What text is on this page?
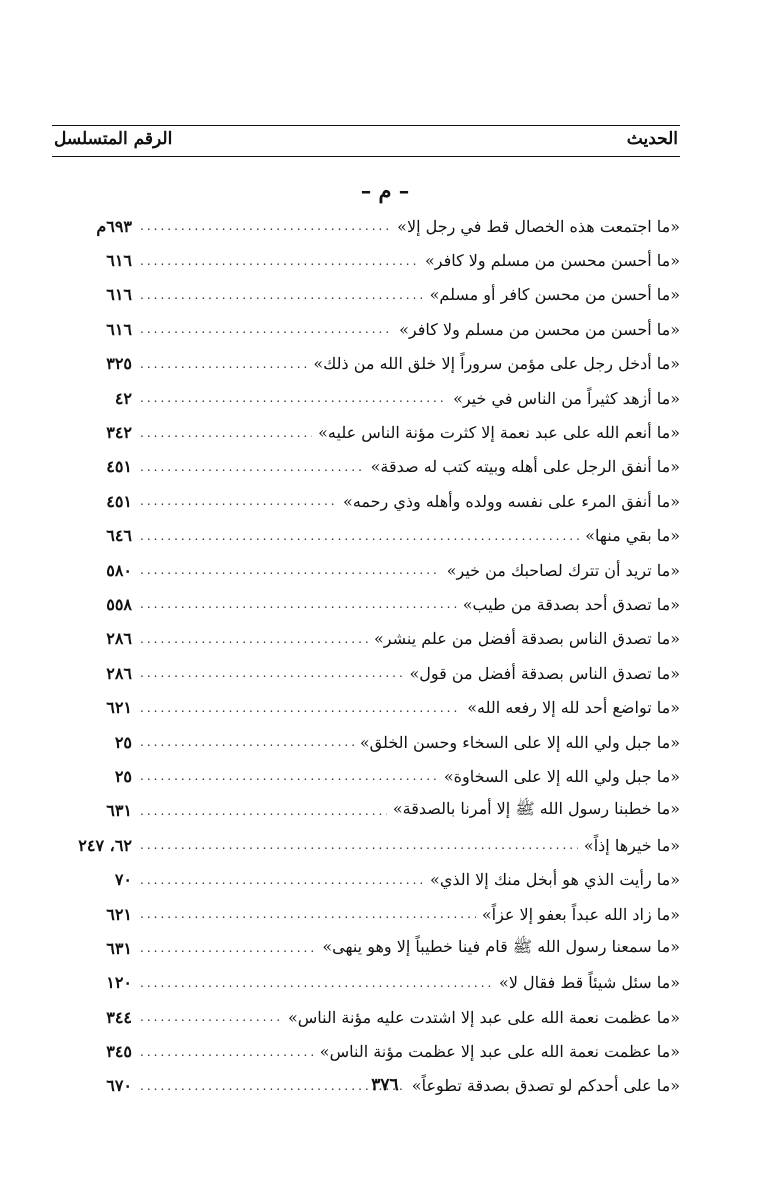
الحديث
الرقم المتسلسل
– م –
«ما اجتمعت هذه الخصال قط في رجل إلا»
.....
٦٩٣م
«ما أحسن محسن من مسلم ولا كافر»
.....
٦١٦
«ما أحسن من محسن كافر أو مسلم»
.....
٦١٦
«ما أحسن من محسن من مسلم ولا كافر»
.....
٦١٦
«ما أدخل رجل على مؤمن سروراً إلا خلق الله من ذلك»
.....
٣٢٥
«ما أزهد كثيراً من الناس في خير»
.....
٤٢
«ما أنعم الله على عبد نعمة إلا كثرت مؤنة الناس عليه»
.....
٣٤٢
«ما أنفق الرجل على أهله وبيته كتب له صدقة»
.....
٤٥١
«ما أنفق المرء على نفسه وولده وأهله وذي رحمه»
.....
٤٥١
«ما بقي منها»
.....
٦٤٦
«ما تريد أن تترك لصاحبك من خير»
.....
٥٨٠
«ما تصدق أحد بصدقة من طيب»
.....
٥٥٨
«ما تصدق الناس بصدقة أفضل من علم ينشر»
.....
٢٨٦
«ما تصدق الناس بصدقة أفضل من قول»
.....
٢٨٦
«ما تواضع أحد لله إلا رفعه الله»
.....
٦٢١
«ما جبل ولي الله إلا على السخاء وحسن الخلق»
.....
٢٥
«ما جبل ولي الله إلا على السخاوة»
.....
٢٥
«ما خطبنا رسول الله ﷺ إلا أمرنا بالصدقة»
.....
٦٣١
«ما خيرها إذاً»
.....
٦٢، ٢٤٧
«ما رأيت الذي هو أبخل منك إلا الذي»
.....
٧٠
«ما زاد الله عبداً بعفو إلا عزاً»
.....
٦٢١
«ما سمعنا رسول الله ﷺ قام فينا خطيباً إلا وهو ينهى»
.....
٦٣١
«ما سئل شيئاً قط فقال لا»
.....
١٢٠
«ما عظمت نعمة الله على عبد إلا اشتدت عليه مؤنة الناس»
.....
٣٤٤
«ما عظمت نعمة الله على عبد إلا عظمت مؤنة الناس»
.....
٣٤٥
«ما على أحدكم لو تصدق بصدقة تطوعاً»
.....
٦٧٠	٣٧٦
